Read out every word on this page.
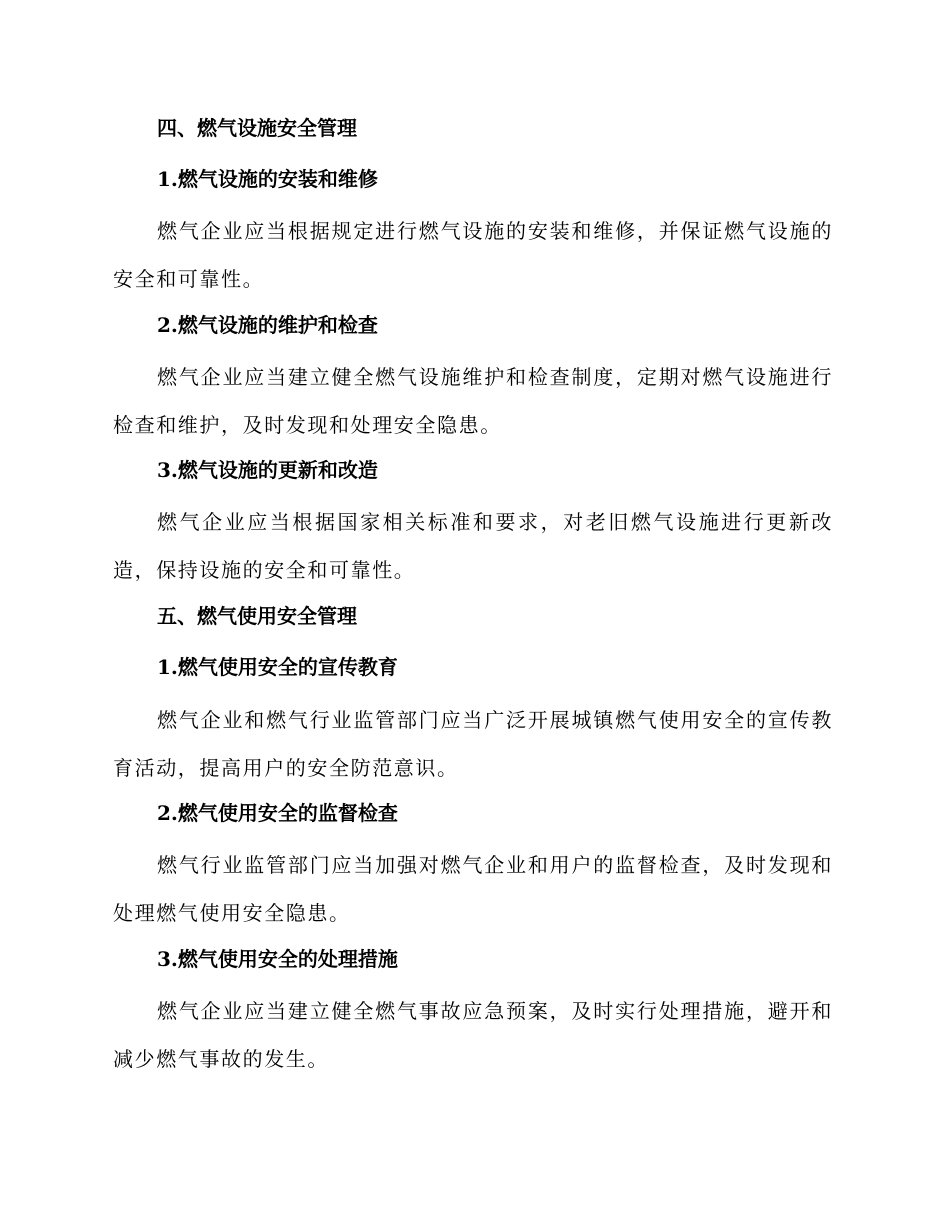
四、燃气设施安全管理
1.燃气设施的安装和维修
燃气企业应当根据规定进行燃气设施的安装和维修，并保证燃气设施的安全和可靠性。
2.燃气设施的维护和检查
燃气企业应当建立健全燃气设施维护和检查制度，定期对燃气设施进行检查和维护，及时发现和处理安全隐患。
3.燃气设施的更新和改造
燃气企业应当根据国家相关标准和要求，对老旧燃气设施进行更新改造，保持设施的安全和可靠性。
五、燃气使用安全管理
1.燃气使用安全的宣传教育
燃气企业和燃气行业监管部门应当广泛开展城镇燃气使用安全的宣传教育活动，提高用户的安全防范意识。
2.燃气使用安全的监督检查
燃气行业监管部门应当加强对燃气企业和用户的监督检查，及时发现和处理燃气使用安全隐患。
3.燃气使用安全的处理措施
燃气企业应当建立健全燃气事故应急预案，及时实行处理措施，避开和减少燃气事故的发生。
